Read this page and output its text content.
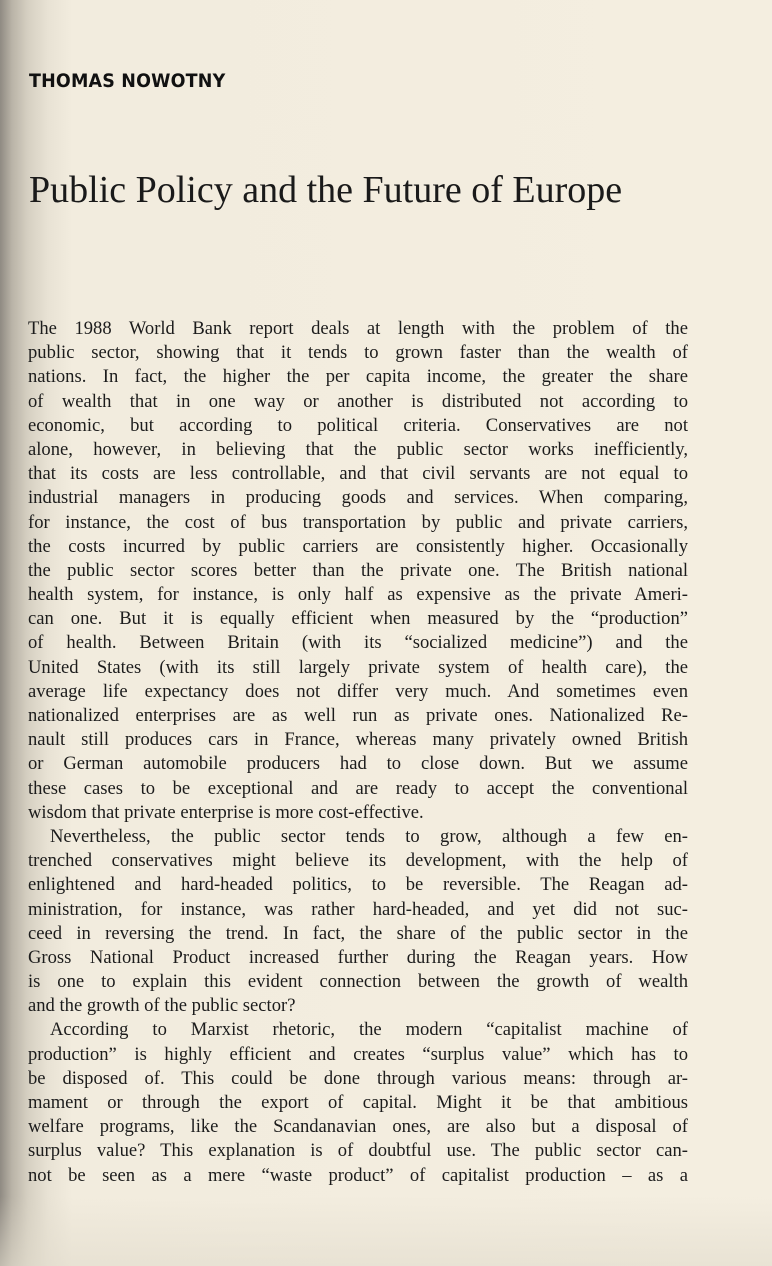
THOMAS NOWOTNY
Public Policy and the Future of Europe
The 1988 World Bank report deals at length with the problem of the
public sector, showing that it tends to grown faster than the wealth of
nations. In fact, the higher the per capita income, the greater the share
of wealth that in one way or another is distributed not according to
economic, but according to political criteria. Conservatives are not
alone, however, in believing that the public sector works inefficiently,
that its costs are less controllable, and that civil servants are not equal to
industrial managers in producing goods and services. When comparing,
for instance, the cost of bus transportation by public and private carriers,
the costs incurred by public carriers are consistently higher. Occasionally
the public sector scores better than the private one. The British national
health system, for instance, is only half as expensive as the private Ameri-
can one. But it is equally efficient when measured by the “production”
of health. Between Britain (with its “socialized medicine”) and the
United States (with its still largely private system of health care), the
average life expectancy does not differ very much. And sometimes even
nationalized enterprises are as well run as private ones. Nationalized Re-
nault still produces cars in France, whereas many privately owned British
or German automobile producers had to close down. But we assume
these cases to be exceptional and are ready to accept the conventional
wisdom that private enterprise is more cost-effective.
Nevertheless, the public sector tends to grow, although a few en-
trenched conservatives might believe its development, with the help of
enlightened and hard-headed politics, to be reversible. The Reagan ad-
ministration, for instance, was rather hard-headed, and yet did not suc-
ceed in reversing the trend. In fact, the share of the public sector in the
Gross National Product increased further during the Reagan years. How
is one to explain this evident connection between the growth of wealth
and the growth of the public sector?
According to Marxist rhetoric, the modern “capitalist machine of
production” is highly efficient and creates “surplus value” which has to
be disposed of. This could be done through various means: through ar-
mament or through the export of capital. Might it be that ambitious
welfare programs, like the Scandanavian ones, are also but a disposal of
surplus value? This explanation is of doubtful use. The public sector can-
not be seen as a mere “waste product” of capitalist production – as a
